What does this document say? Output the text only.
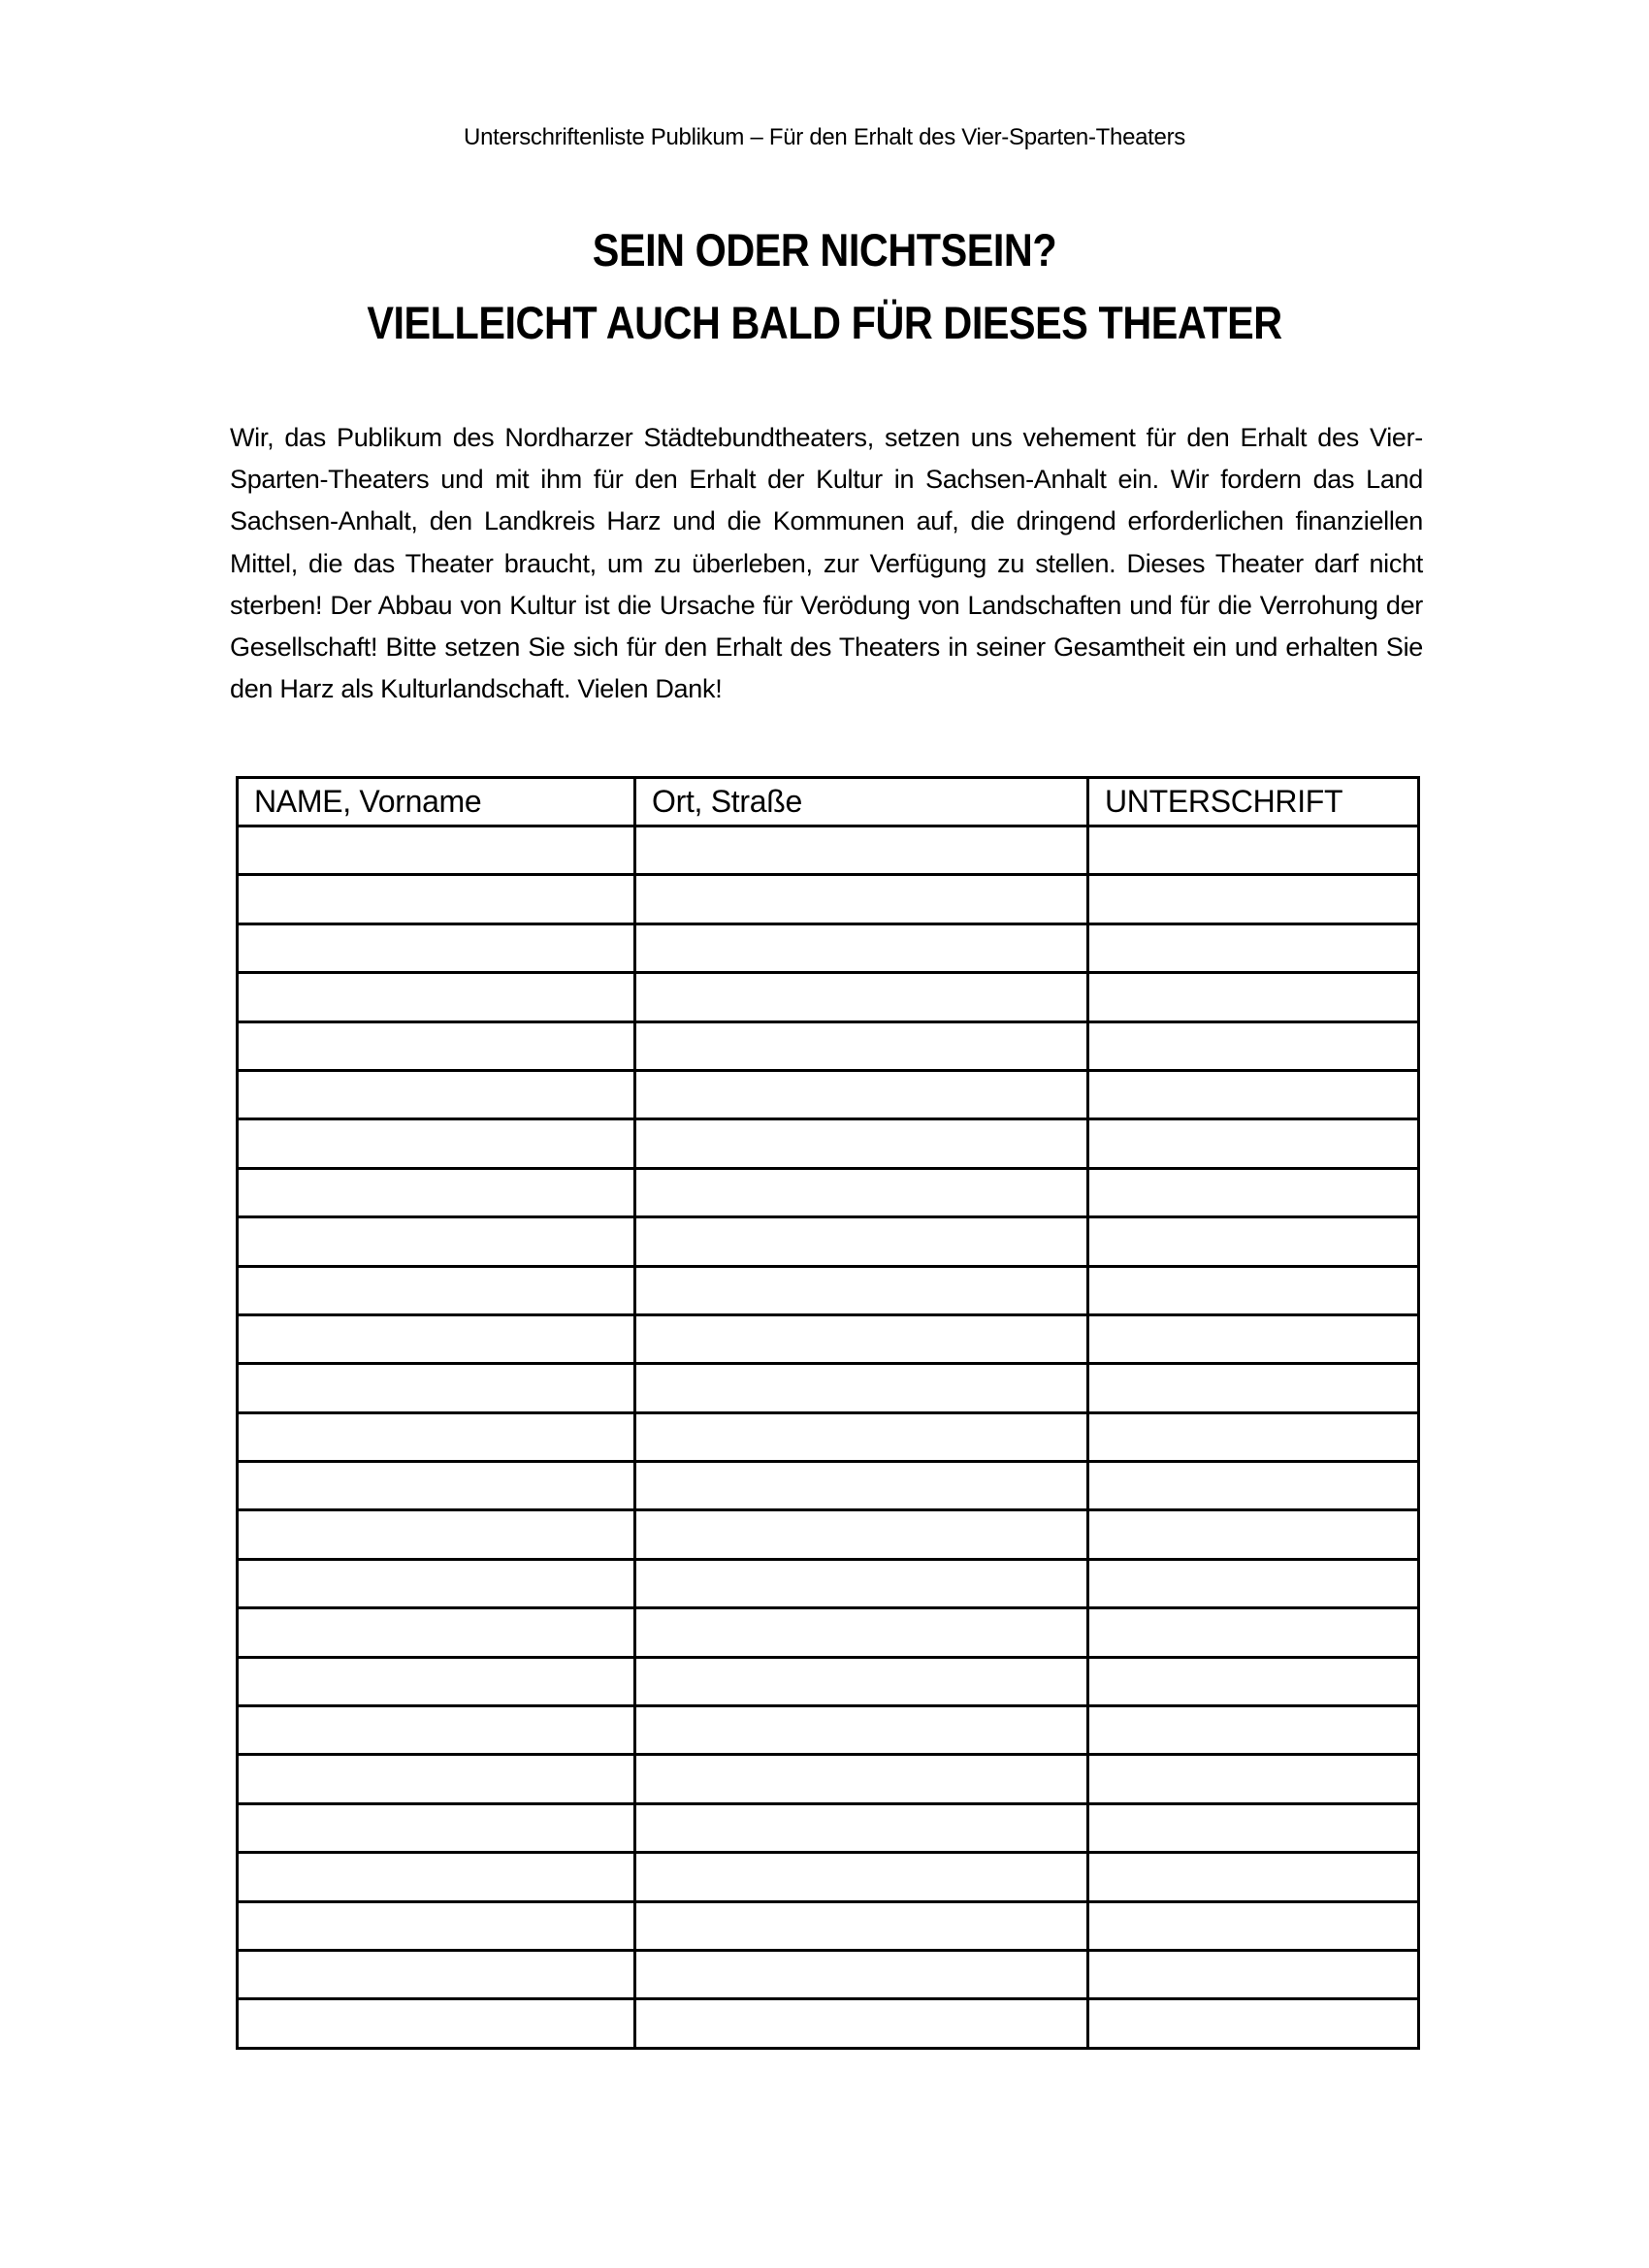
Unterschriftenliste Publikum – Für den Erhalt des Vier-Sparten-Theaters
SEIN ODER NICHTSEIN?
VIELLEICHT AUCH BALD FÜR DIESES THEATER
Wir, das Publikum des Nordharzer Städtebundtheaters, setzen uns vehement für den Erhalt des Vier-Sparten-Theaters und mit ihm für den Erhalt der Kultur in Sachsen-Anhalt ein. Wir fordern das Land Sachsen-Anhalt, den Landkreis Harz und die Kommunen auf, die dringend erforderlichen finanziellen Mittel, die das Theater braucht, um zu überleben, zur Verfügung zu stellen. Dieses Theater darf nicht sterben! Der Abbau von Kultur ist die Ursache für Verödung von Landschaften und für die Verrohung der Gesellschaft! Bitte setzen Sie sich für den Erhalt des Theaters in seiner Gesamtheit ein und erhalten Sie den Harz als Kulturlandschaft. Vielen Dank!
NAME, Vorname	Ort, Straße	UNTERSCHRIFT
